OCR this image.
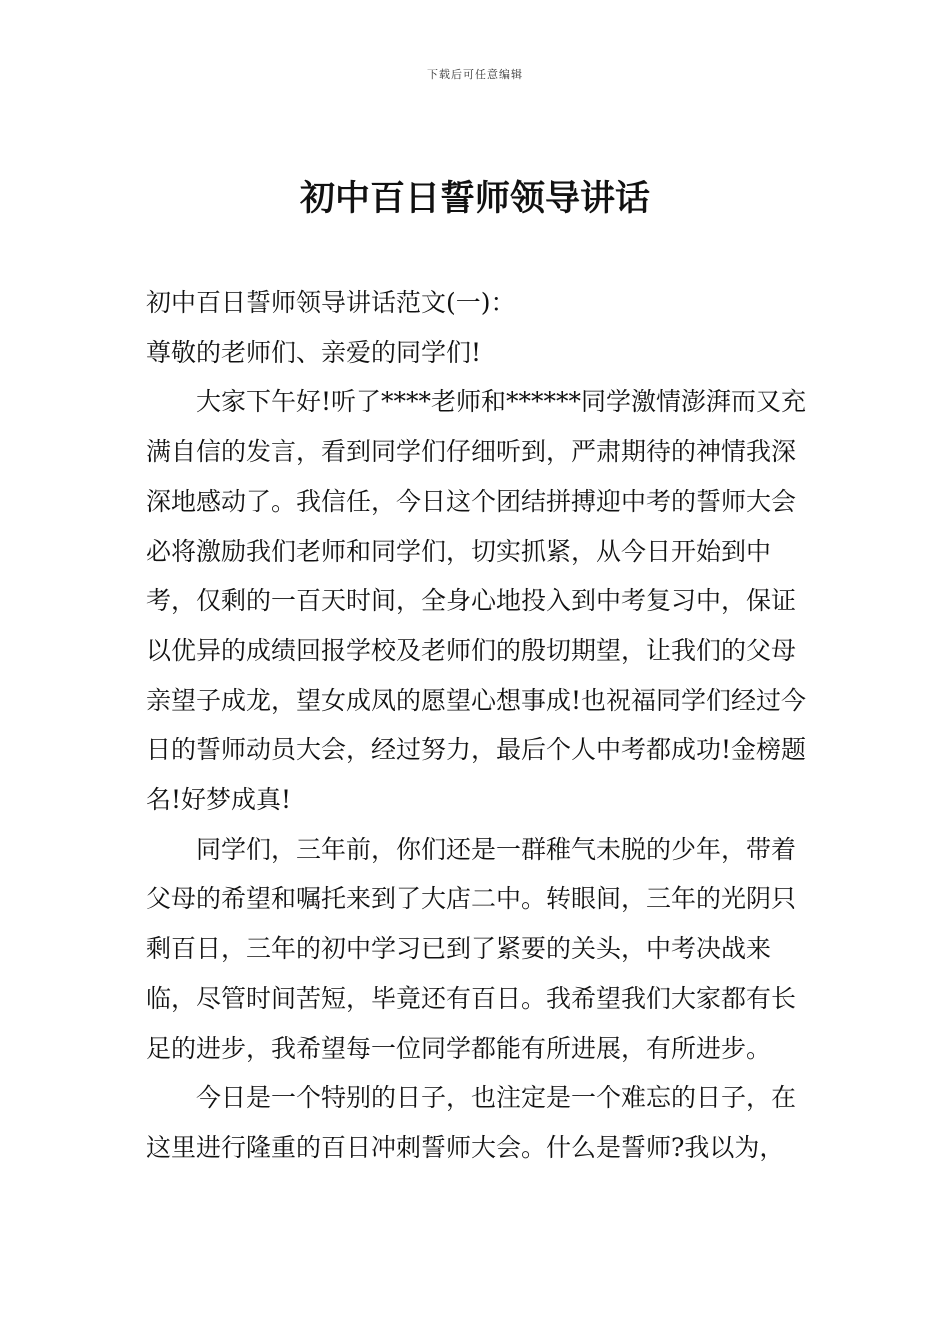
下载后可任意编辑
初中百日誓师领导讲话

初中百日誓师领导讲话范文(一)：

尊敬的老师们、亲爱的同学们!

大家下午好!听了****老师和******同学激情澎湃而又充满自信的发言，看到同学们仔细听到，严肃期待的神情我深深地感动了。我信任，今日这个团结拼搏迎中考的誓师大会必将激励我们老师和同学们，切实抓紧，从今日开始到中考，仅剩的一百天时间，全身心地投入到中考复习中，保证以优异的成绩回报学校及老师们的殷切期望，让我们的父母亲望子成龙，望女成凤的愿望心想事成!也祝福同学们经过今日的誓师动员大会，经过努力，最后个人中考都成功!金榜题名!好梦成真!

同学们，三年前，你们还是一群稚气未脱的少年，带着父母的希望和嘱托来到了大店二中。转眼间，三年的光阴只剩百日，三年的初中学习已到了紧要的关头，中考决战来临，尽管时间苦短，毕竟还有百日。我希望我们大家都有长足的进步，我希望每一位同学都能有所进展，有所进步。

今日是一个特别的日子，也注定是一个难忘的日子，在这里进行隆重的百日冲刺誓师大会。什么是誓师?我以为，
